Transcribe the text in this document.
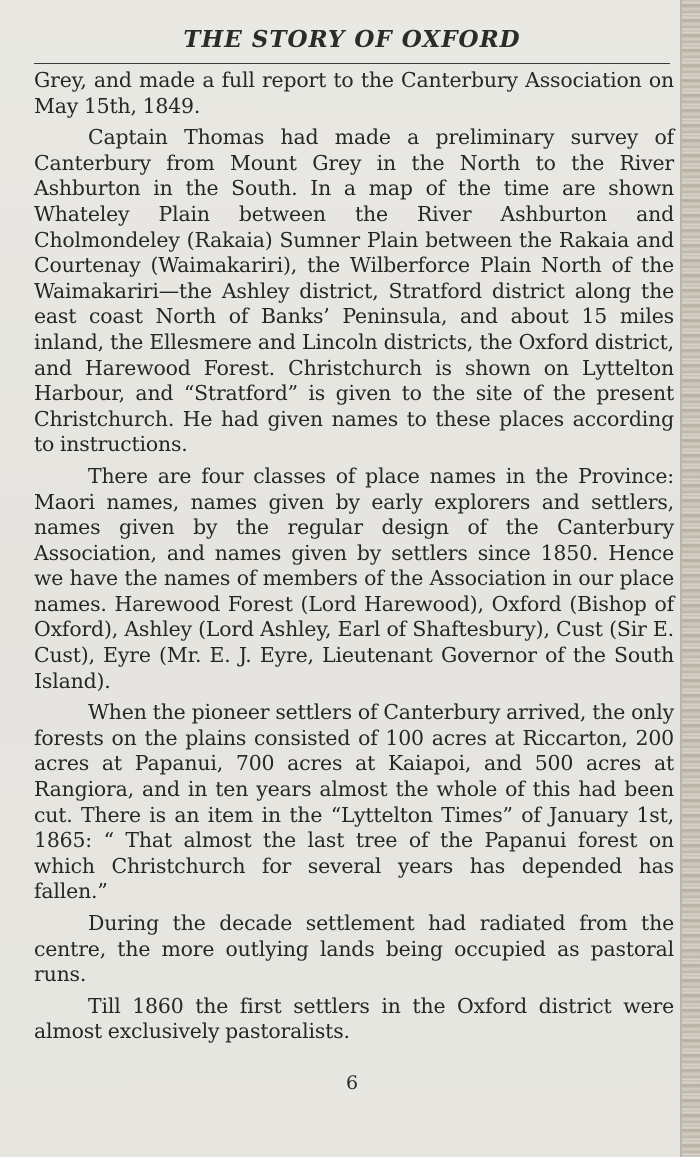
THE STORY OF OXFORD

Grey, and made a full report to the Canterbury Association on May 15th, 1849.

Captain Thomas had made a preliminary survey of Canterbury from Mount Grey in the North to the River Ashburton in the South. In a map of the time are shown Whateley Plain between the River Ashburton and Cholmondeley (Rakaia) Sumner Plain between the Rakaia and Courtenay (Waimakariri), the Wilberforce Plain North of the Waimakariri—the Ashley district, Stratford district along the east coast North of Banks’ Peninsula, and about 15 miles inland, the Ellesmere and Lincoln districts, the Oxford district, and Harewood Forest. Christchurch is shown on Lyttelton Harbour, and “Stratford” is given to the site of the present Christchurch. He had given names to these places according to instructions.

There are four classes of place names in the Province: Maori names, names given by early explorers and settlers, names given by the regular design of the Canterbury Association, and names given by settlers since 1850. Hence we have the names of members of the Association in our place names. Harewood Forest (Lord Harewood), Oxford (Bishop of Oxford), Ashley (Lord Ashley, Earl of Shaftesbury), Cust (Sir E. Cust), Eyre (Mr. E. J. Eyre, Lieutenant Governor of the South Island).

When the pioneer settlers of Canterbury arrived, the only forests on the plains consisted of 100 acres at Riccarton, 200 acres at Papanui, 700 acres at Kaiapoi, and 500 acres at Rangiora, and in ten years almost the whole of this had been cut. There is an item in the “Lyttelton Times” of January 1st, 1865: “ That almost the last tree of the Papanui forest on which Christchurch for several years has depended has fallen.”

During the decade settlement had radiated from the centre, the more outlying lands being occupied as pastoral runs.

Till 1860 the first settlers in the Oxford district were almost exclusively pastoralists.

6
